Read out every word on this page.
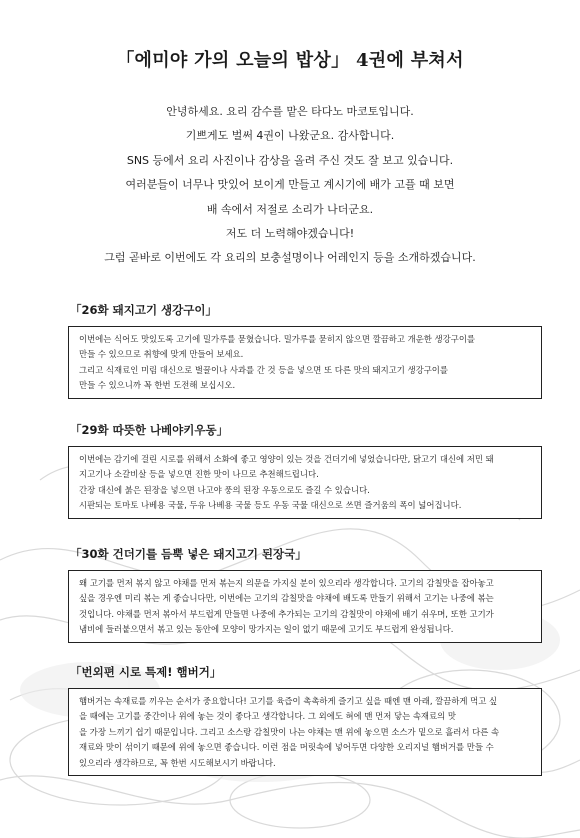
「에미야 가의 오늘의 밥상」 4권에 부쳐서

안녕하세요. 요리 감수를 맡은 타다노 마코토입니다.

기쁘게도 벌써 4권이 나왔군요. 감사합니다.

SNS 등에서 요리 사진이나 감상을 올려 주신 것도 잘 보고 있습니다.

여러분들이 너무나 맛있어 보이게 만들고 계시기에 배가 고플 때 보면

배 속에서 저절로 소리가 나더군요.

저도 더 노력해야겠습니다!

그럼 곧바로 이번에도 각 요리의 보충설명이나 어레인지 등을 소개하겠습니다.

「26화 돼지고기 생강구이」

이번에는 식어도 맛있도록 고기에 밀가루를 묻혔습니다. 밀가루를 묻히지 않으면 깔끔하고 개운한 생강구이를

만들 수 있으므로 취향에 맞게 만들어 보세요.

그리고 식재료인 미림 대신으로 벌꿀이나 사과를 간 것 등을 넣으면 또 다른 맛의 돼지고기 생강구이를

만들 수 있으니까 꼭 한번 도전해 보십시오.

「29화 따뜻한 나베야키우동」

이번에는 감기에 걸린 시로를 위해서 소화에 좋고 영양이 있는 것을 건더기에 넣었습니다만, 닭고기 대신에 저민 돼

지고기나 소갈비살 등을 넣으면 진한 맛이 나므로 추천해드립니다.

간장 대신에 붉은 된장을 넣으면 나고야 풍의 된장 우동으로도 즐길 수 있습니다.

시판되는 토마토 나베용 국물, 두유 나베용 국물 등도 우동 국물 대신으로 쓰면 즐거움의 폭이 넓어집니다.

「30화 건더기를 듬뿍 넣은 돼지고기 된장국」

왜 고기를 먼저 볶지 않고 야채를 먼저 볶는지 의문을 가지실 분이 있으리라 생각합니다. 고기의 감칠맛을 잡아놓고

싶을 경우엔 미리 볶는 게 좋습니다만, 이번에는 고기의 감칠맛을 야채에 배도록 만들기 위해서 고기는 나중에 볶는

것입니다. 야채를 먼저 볶아서 부드럽게 만들면 나중에 추가되는 고기의 감칠맛이 야채에 배기 쉬우며, 또한 고기가

냄비에 들러붙으면서 볶고 있는 동안에 모양이 망가지는 일이 없기 때문에 고기도 부드럽게 완성됩니다.

「번외편 시로 특제! 햄버거」

햄버거는 속재료를 끼우는 순서가 중요합니다! 고기를 육즙이 촉촉하게 즐기고 싶을 때엔 맨 아래, 깔끔하게 먹고 싶

을 때에는 고기를 중간이나 위에 놓는 것이 좋다고 생각합니다. 그 외에도 혀에 맨 먼저 닿는 속재료의 맛

을 가장 느끼기 쉽기 때문입니다. 그리고 소스랑 감칠맛이 나는 야채는 맨 위에 놓으면 소스가 밑으로 흘러서 다른 속

재료와 맛이 섞이기 때문에 위에 놓으면 좋습니다. 이런 점을 머릿속에 넣어두면 다양한 오리지널 햄버거를 만들 수

있으리라 생각하므로, 꼭 한번 시도해보시기 바랍니다.
